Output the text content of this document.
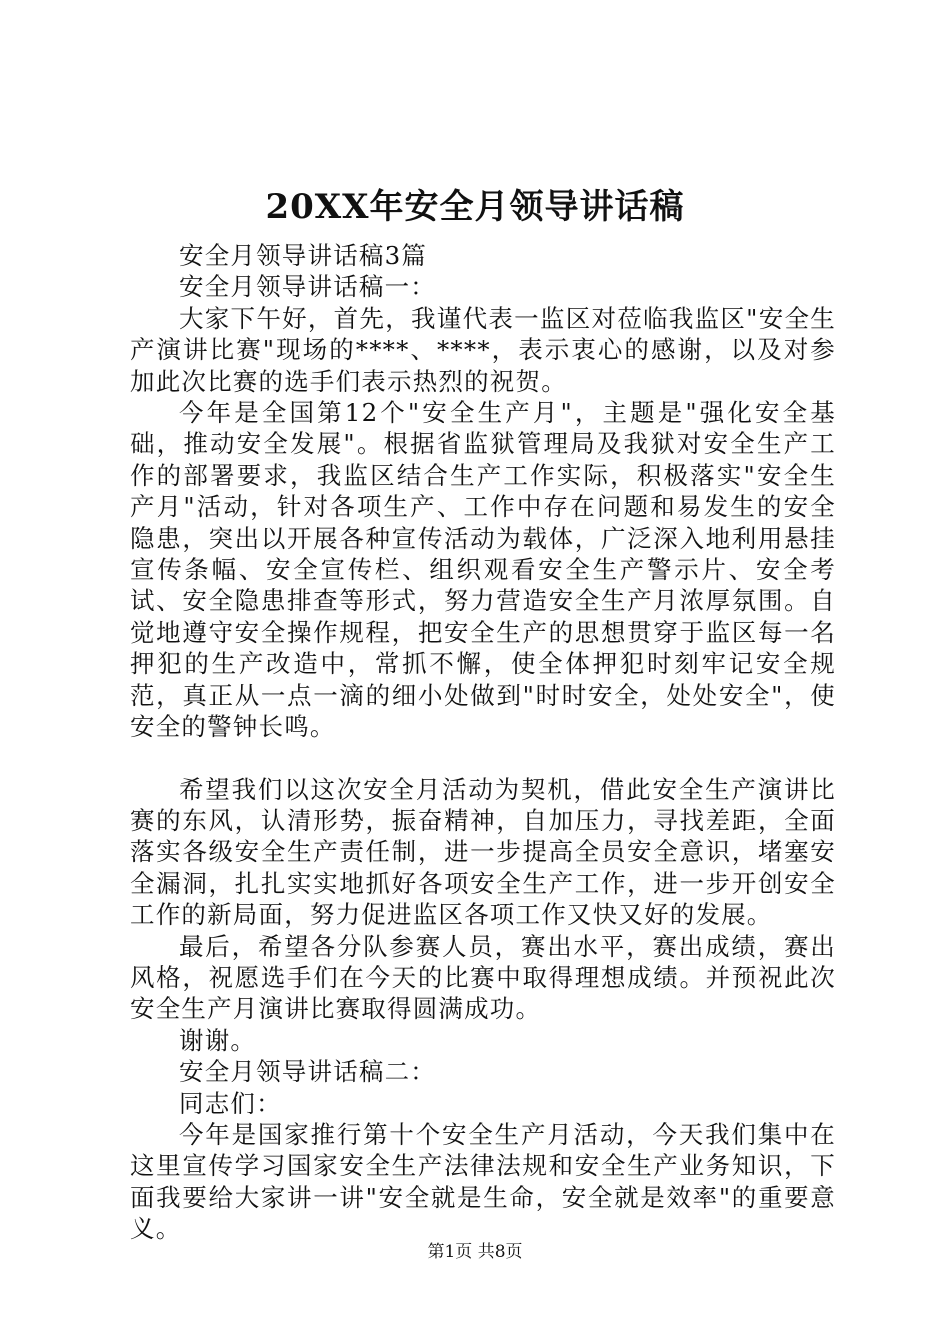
20XX年安全月领导讲话稿

安全月领导讲话稿3篇

安全月领导讲话稿一：

大家下午好，首先，我谨代表一监区对莅临我监区"安全生产演讲比赛"现场的****、****，表示衷心的感谢，以及对参加此次比赛的选手们表示热烈的祝贺。

今年是全国第12个"安全生产月"，主题是"强化安全基础，推动安全发展"。根据省监狱管理局及我狱对安全生产工作的部署要求，我监区结合生产工作实际，积极落实"安全生产月"活动，针对各项生产、工作中存在问题和易发生的安全隐患，突出以开展各种宣传活动为载体，广泛深入地利用悬挂宣传条幅、安全宣传栏、组织观看安全生产警示片、安全考试、安全隐患排查等形式，努力营造安全生产月浓厚氛围。自觉地遵守安全操作规程，把安全生产的思想贯穿于监区每一名押犯的生产改造中，常抓不懈，使全体押犯时刻牢记安全规范，真正从一点一滴的细小处做到"时时安全，处处安全"，使安全的警钟长鸣。

希望我们以这次安全月活动为契机，借此安全生产演讲比赛的东风，认清形势，振奋精神，自加压力，寻找差距，全面落实各级安全生产责任制，进一步提高全员安全意识，堵塞安全漏洞，扎扎实实地抓好各项安全生产工作，进一步开创安全工作的新局面，努力促进监区各项工作又快又好的发展。

最后，希望各分队参赛人员，赛出水平，赛出成绩，赛出风格，祝愿选手们在今天的比赛中取得理想成绩。并预祝此次安全生产月演讲比赛取得圆满成功。

谢谢。

安全月领导讲话稿二：

同志们：

今年是国家推行第十个安全生产月活动，今天我们集中在这里宣传学习国家安全生产法律法规和安全生产业务知识，下面我要给大家讲一讲"安全就是生命，安全就是效率"的重要意义。

第1页 共8页
